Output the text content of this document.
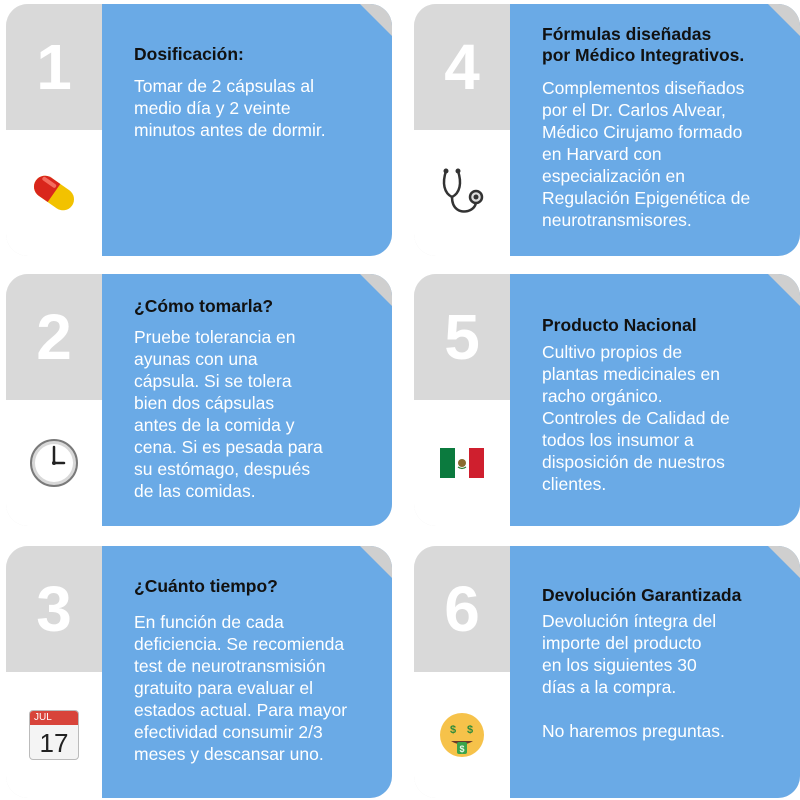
1	Dosificación:

Tomar de 2 cápsulas al
medio día y 2 veinte
minutos antes de dormir.

2	¿Cómo tomarla?

Pruebe tolerancia en
ayunas con una
cápsula. Si se tolera
bien dos cápsulas
antes de la comida y
cena. Si es pesada para
su estómago, después
de las comidas.

3
JUL
17

¿Cuánto tiempo?

En función de cada
deficiencia. Se recomienda
test de neurotransmisión
gratuito para evaluar el
estados actual. Para mayor
efectividad consumir 2/3
meses y descansar uno.

4	Fórmulas diseñadas
por Médico Integrativos.

Complementos diseñados
por el Dr. Carlos Alvear,
Médico Cirujamo formado
en Harvard con
especialización en
Regulación Epigenética de
neurotransmisores.

5	Producto Nacional

Cultivo propios de
plantas medicinales en
racho orgánico.
Controles de Calidad de
todos los insumor a
disposición de nuestros
clientes.

6
$ $
$

Devolución Garantizada

Devolución íntegra del
importe del producto
en los siguientes 30
días a la compra.

No haremos preguntas.
